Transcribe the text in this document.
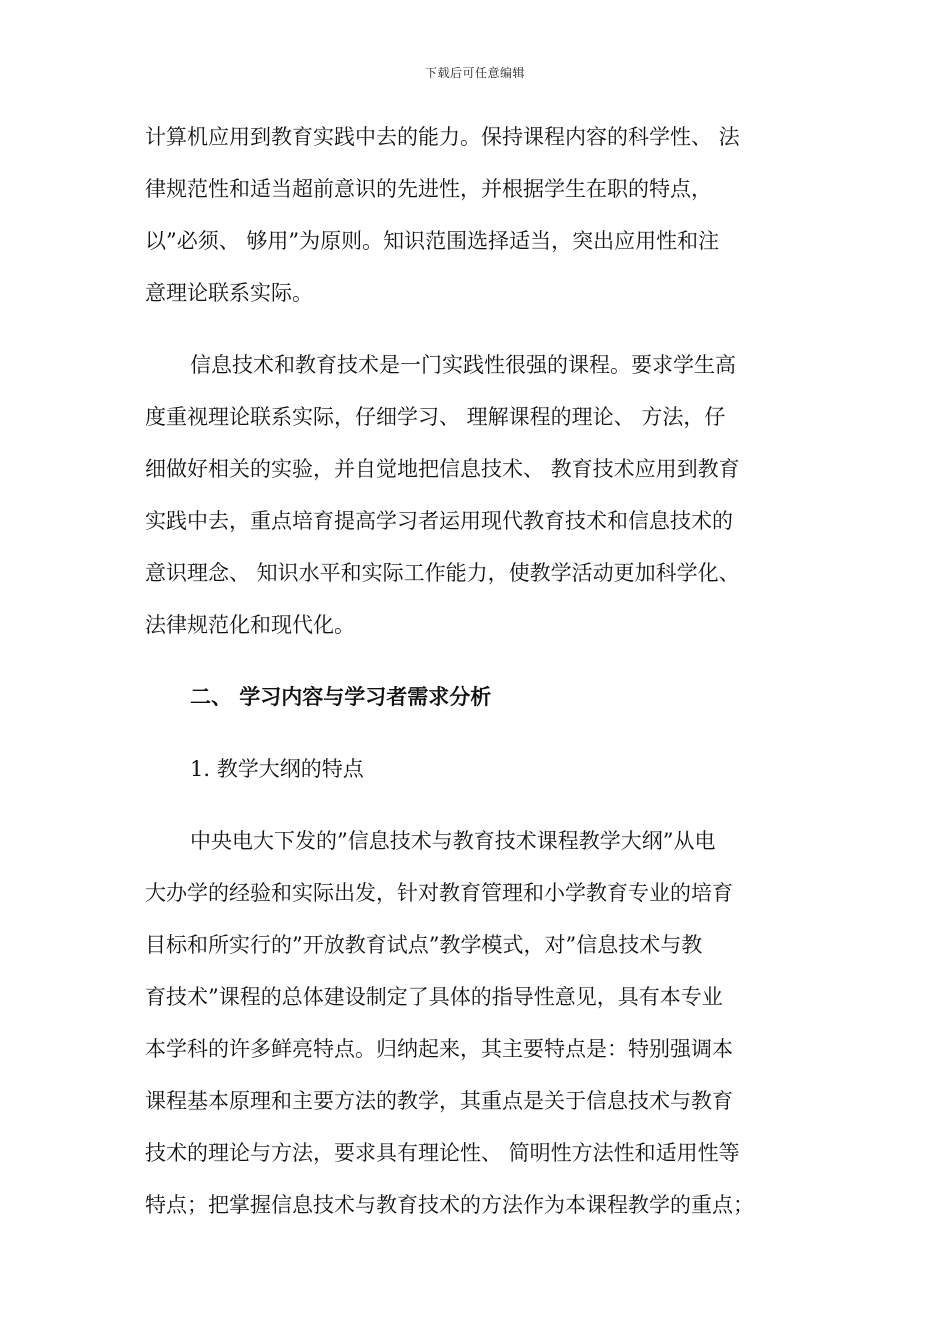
下载后可任意编辑
计算机应用到教育实践中去的能力。保持课程内容的科学性、 法
律规范性和适当超前意识的先进性，并根据学生在职的特点，
以”必须、 够用”为原则。知识范围选择适当，突出应用性和注
意理论联系实际。
信息技术和教育技术是一门实践性很强的课程。要求学生高
度重视理论联系实际，仔细学习、 理解课程的理论、 方法，仔
细做好相关的实验，并自觉地把信息技术、 教育技术应用到教育
实践中去，重点培育提高学习者运用现代教育技术和信息技术的
意识理念、 知识水平和实际工作能力，使教学活动更加科学化、
法律规范化和现代化。
二、 学习内容与学习者需求分析
1. 教学大纲的特点
中央电大下发的”信息技术与教育技术课程教学大纲”从电
大办学的经验和实际出发，针对教育管理和小学教育专业的培育
目标和所实行的”开放教育试点”教学模式，对”信息技术与教
育技术”课程的总体建设制定了具体的指导性意见，具有本专业
本学科的许多鲜亮特点。归纳起来，其主要特点是：特别强调本
课程基本原理和主要方法的教学，其重点是关于信息技术与教育
技术的理论与方法，要求具有理论性、 简明性方法性和适用性等
特点；把掌握信息技术与教育技术的方法作为本课程教学的重点；
